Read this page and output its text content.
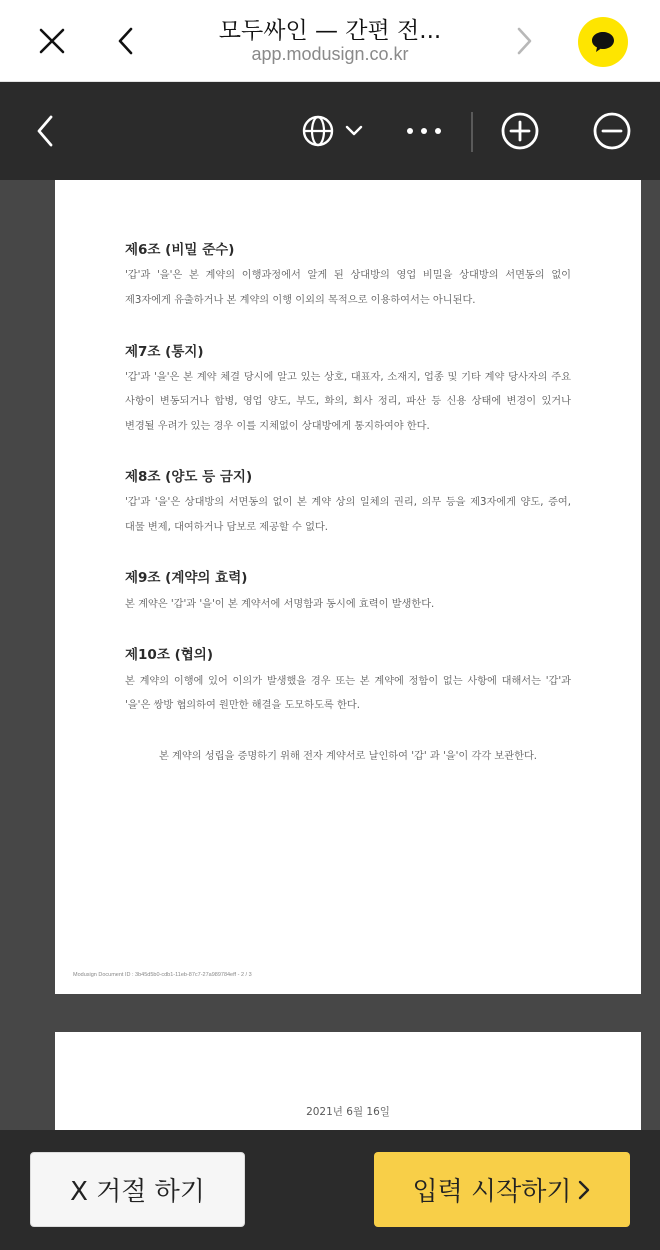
모두싸인 — 간편 전...
app.modusign.co.kr
제6조 (비밀 준수)
'갑'과 '을'은 본 계약의 이행과정에서 알게 된 상대방의 영업 비밀을 상대방의 서면동의 없이
제3자에게 유출하거나 본 계약의 이행 이외의 목적으로 이용하여서는 아니된다.
제7조 (통지)
'갑'과 '을'은 본 계약 체결 당시에 알고 있는 상호, 대표자, 소재지, 업종 및 기타 계약 당사자의 주요
사항이 변동되거나 합병, 영업 양도, 부도, 화의, 회사 정리, 파산 등 신용 상태에 변경이 있거나
변경될 우려가 있는 경우 이를 지체없이 상대방에게 통지하여야 한다.
제8조 (양도 등 금지)
'갑'과 '을'은 상대방의 서면동의 없이 본 계약 상의 일체의 권리, 의무 등을 제3자에게 양도, 증여,
대물 변제, 대여하거나 담보로 제공할 수 없다.
제9조 (계약의 효력)
본 계약은 '갑'과 '을'이 본 계약서에 서명함과 동시에 효력이 발생한다.
제10조 (협의)
본 계약의 이행에 있어 이의가 발생했을 경우 또는 본 계약에 정함이 없는 사항에 대해서는 '갑'과
'을'은 쌍방 협의하여 원만한 해결을 도모하도록 한다.
본 계약의 성립을 증명하기 위해 전자 계약서로 날인하여 '갑' 과 '을'이 각각 보관한다.
Modusign Document ID : 3b45d5b0-cdb1-11eb-87c7-27a989784eff - 2 / 3
2021년 6월 16일
X 거절 하기	입력 시작하기
